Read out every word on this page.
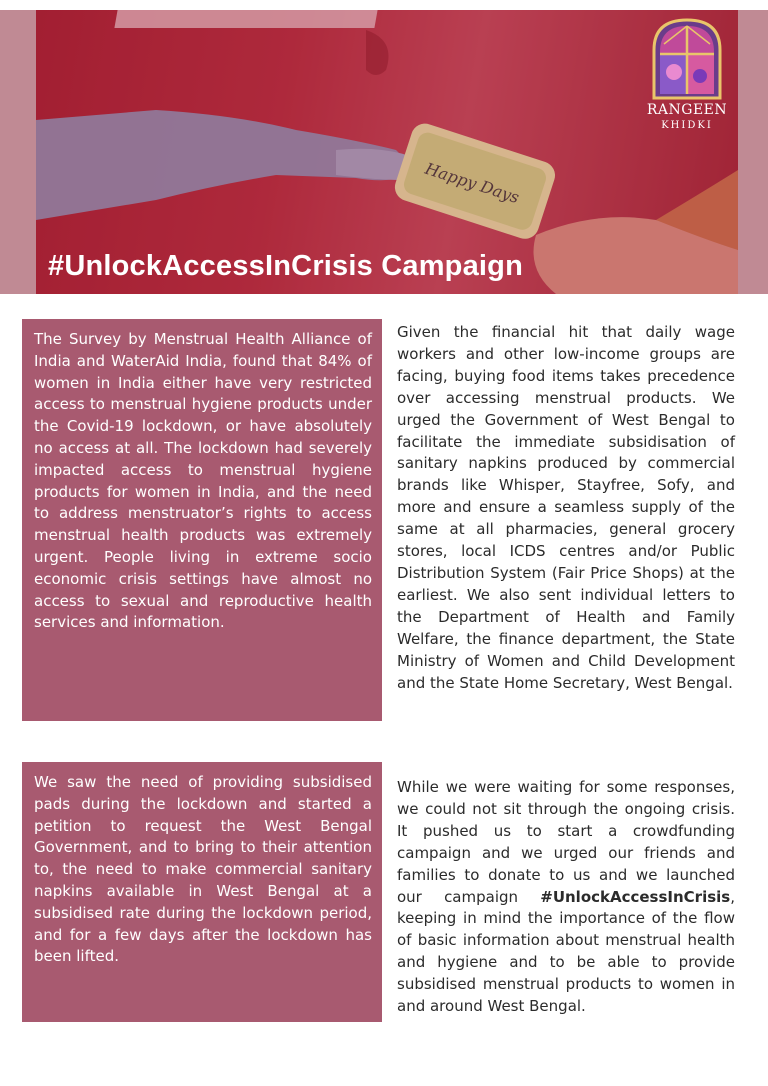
Happy Days
RANGEEN
KHIDKI
#UnlockAccessInCrisis Campaign
The Survey by Menstrual Health Alliance of India and WaterAid India, found that 84% of women in India either have very restricted access to menstrual hygiene products under the Covid-19 lockdown, or have absolutely no access at all. The lockdown had severely impacted access to menstrual hygiene products for women in India, and the need to address menstruator’s rights to access menstrual health products was extremely urgent. People living in extreme socio economic crisis settings have almost no access to sexual and reproductive health services and information.
We saw the need of providing subsidised pads during the lockdown and started a petition to request the West Bengal Government, and to bring to their attention to, the need to make commercial sanitary napkins available in West Bengal at a subsidised rate during the lockdown period, and for a few days after the lockdown has been lifted.
Given the financial hit that daily wage workers and other low-income groups are facing, buying food items takes precedence over accessing menstrual products. We urged the Government of West Bengal to facilitate the immediate subsidisation of sanitary napkins produced by commercial brands like Whisper, Stayfree, Sofy, and more and ensure a seamless supply of the same at all pharmacies, general grocery stores, local ICDS centres and/or Public Distribution System (Fair Price Shops) at the earliest. We also sent individual letters to the Department of Health and Family Welfare, the finance department, the State Ministry of Women and Child Development and the State Home Secretary, West Bengal.
While we were waiting for some responses, we could not sit through the ongoing crisis. It pushed us to start a crowdfunding campaign and we urged our friends and families to donate to us and we launched our campaign #UnlockAccessInCrisis, keeping in mind the importance of the flow of basic information about menstrual health and hygiene and to be able to provide subsidised menstrual products to women in and around West Bengal.
